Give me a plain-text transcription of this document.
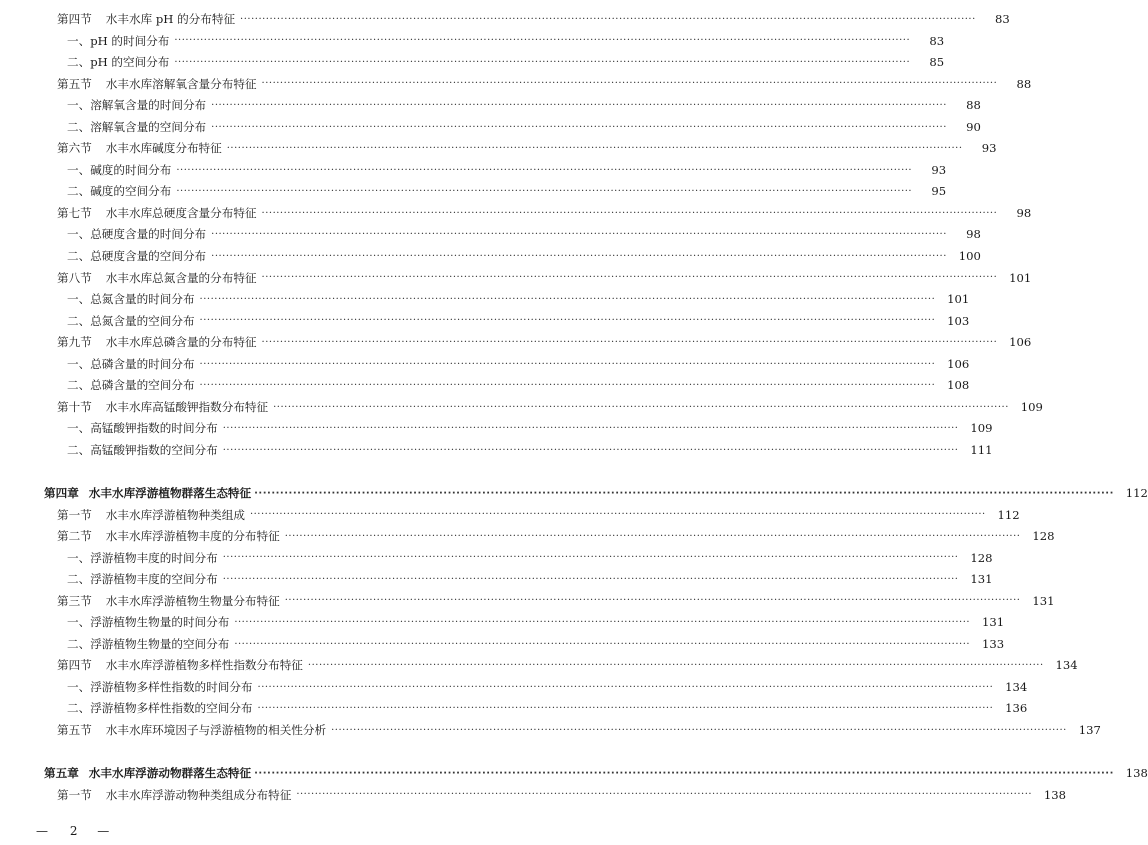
第四节 水丰水库 pH 的分布特征 ········································································································································································································	83
一、pH 的时间分布 ········································································································································································································	83
二、pH 的空间分布 ········································································································································································································	85
第五节 水丰水库溶解氧含量分布特征 ········································································································································································································	88
一、溶解氧含量的时间分布 ········································································································································································································	88
二、溶解氧含量的空间分布 ········································································································································································································	90
第六节 水丰水库碱度分布特征 ········································································································································································································	93
一、碱度的时间分布 ········································································································································································································	93
二、碱度的空间分布 ········································································································································································································	95
第七节 水丰水库总硬度含量分布特征 ········································································································································································································	98
一、总硬度含量的时间分布 ········································································································································································································	98
二、总硬度含量的空间分布 ········································································································································································································	100
第八节 水丰水库总氮含量的分布特征 ········································································································································································································	101
一、总氮含量的时间分布 ········································································································································································································	101
二、总氮含量的空间分布 ········································································································································································································	103
第九节 水丰水库总磷含量的分布特征 ········································································································································································································	106
一、总磷含量的时间分布 ········································································································································································································	106
二、总磷含量的空间分布 ········································································································································································································	108
第十节 水丰水库高锰酸钾指数分布特征 ········································································································································································································	109
一、高锰酸钾指数的时间分布 ········································································································································································································	109
二、高锰酸钾指数的空间分布 ········································································································································································································	111
第四章 水丰水库浮游植物群落生态特征 ········································································································································································································	112
第一节 水丰水库浮游植物种类组成 ········································································································································································································	112
第二节 水丰水库浮游植物丰度的分布特征 ········································································································································································································	128
一、浮游植物丰度的时间分布 ········································································································································································································	128
二、浮游植物丰度的空间分布 ········································································································································································································	131
第三节 水丰水库浮游植物生物量分布特征 ········································································································································································································	131
一、浮游植物生物量的时间分布 ········································································································································································································	131
二、浮游植物生物量的空间分布 ········································································································································································································	133
第四节 水丰水库浮游植物多样性指数分布特征 ········································································································································································································	134
一、浮游植物多样性指数的时间分布 ········································································································································································································	134
二、浮游植物多样性指数的空间分布 ········································································································································································································	136
第五节 水丰水库环境因子与浮游植物的相关性分析 ········································································································································································································	137
第五章 水丰水库浮游动物群落生态特征 ········································································································································································································	138
第一节 水丰水库浮游动物种类组成分布特征 ········································································································································································································	138
— 2 —
